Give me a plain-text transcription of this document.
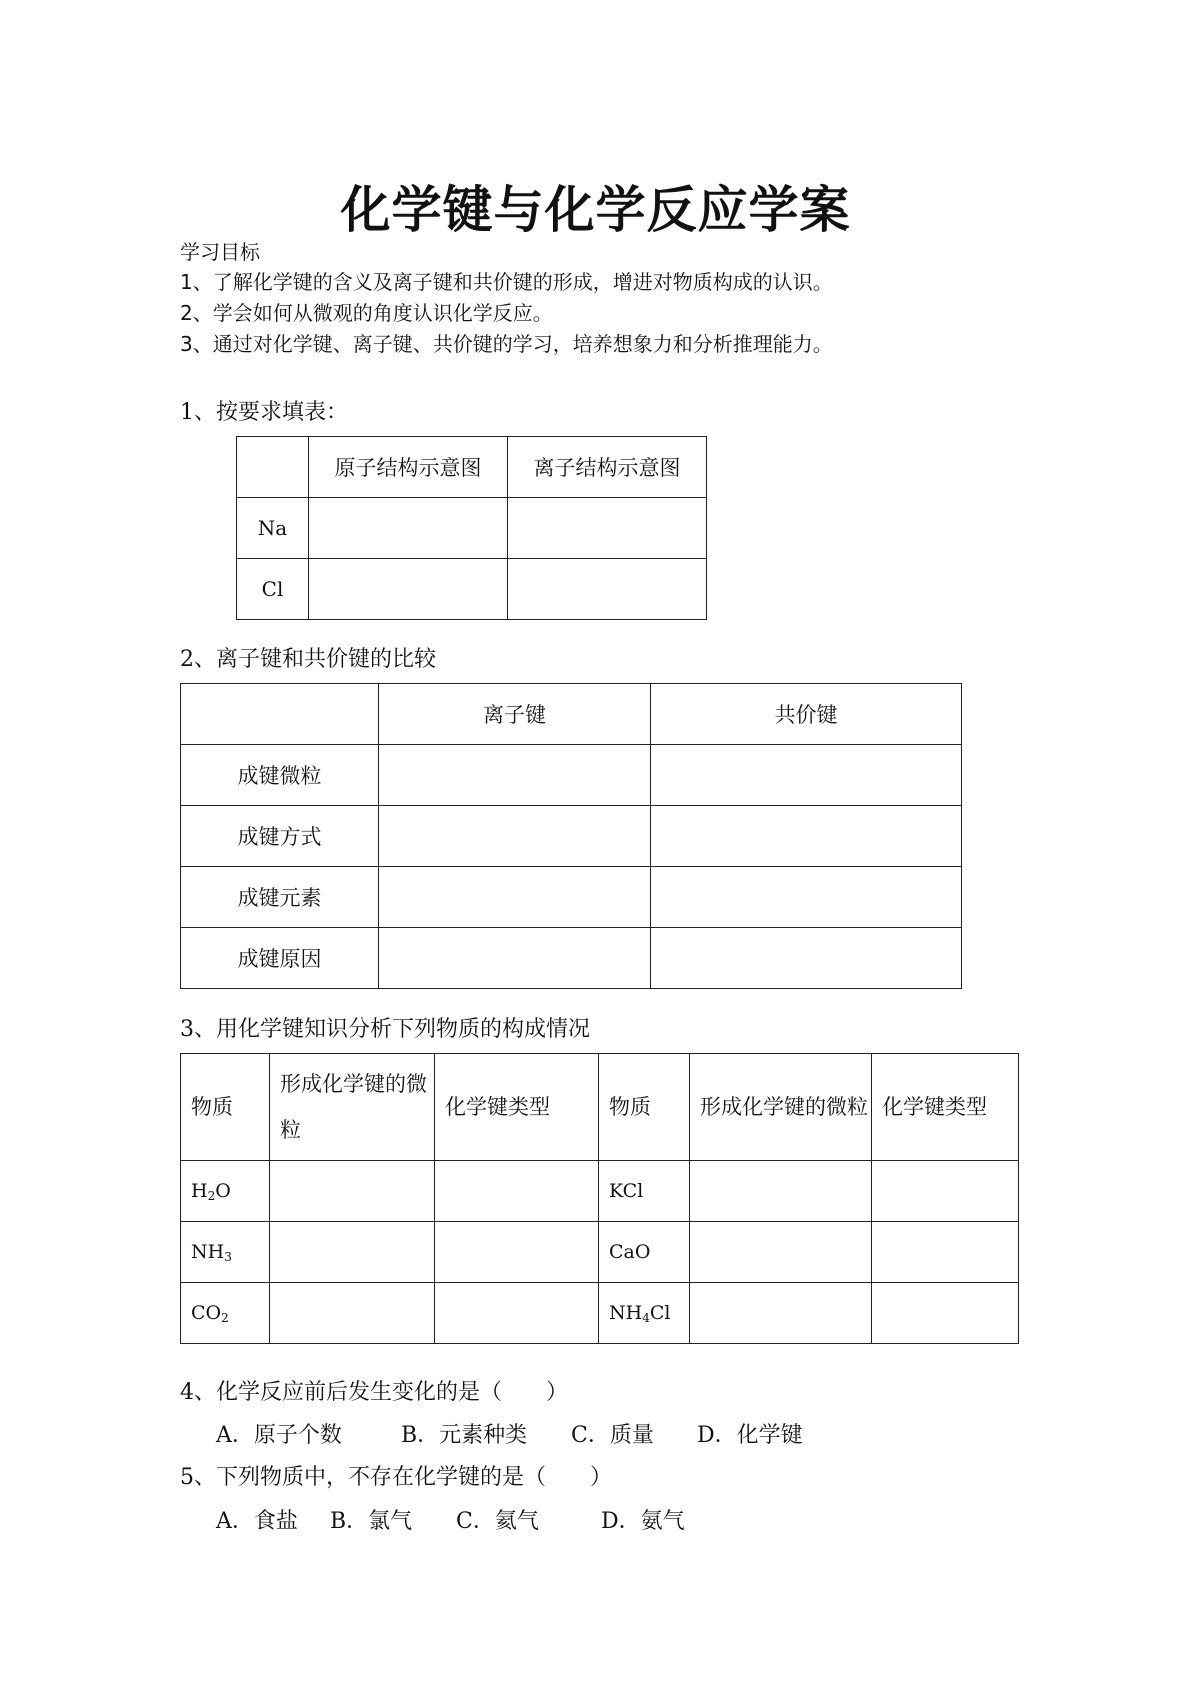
化学键与化学反应学案
学习目标
1、了解化学键的含义及离子键和共价键的形成，增进对物质构成的认识。
2、学会如何从微观的角度认识化学反应。
3、通过对化学键、离子键、共价键的学习，培养想象力和分析推理能力。
1、按要求填表：
	原子结构示意图	离子结构示意图
Na		
Cl		
2、离子键和共价键的比较
	离子键	共价键
成键微粒		
成键方式		
成键元素		
成键原因		
3、用化学键知识分析下列物质的构成情况
物质	形成化学键的微粒	化学键类型	物质	形成化学键的微粒	化学键类型
$H_2O$			KCl		
$NH_3$			CaO		
$CO_2$			$NH_4Cl$		
4、化学反应前后发生变化的是（　　）
A．原子个数	B．元素种类 C．质量 D．化学键
5、下列物质中，不存在化学键的是（　　）
A．食盐 B．氯气 C．氦气	D．氨气
